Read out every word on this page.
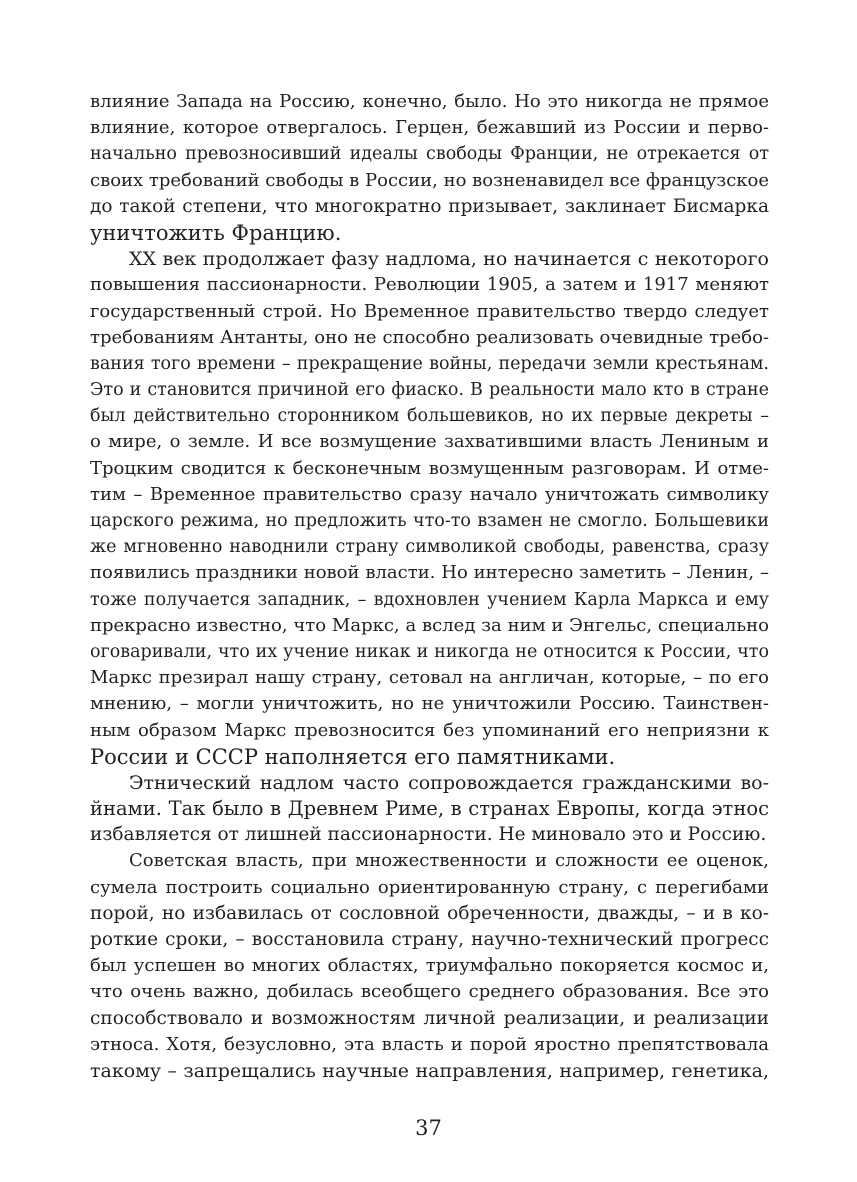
влияние Запада на Россию, конечно, было. Но это никогда не прямое
влияние, которое отвергалось. Герцен, бежавший из России и перво-
начально превозносивший идеалы свободы Франции, не отрекается от
своих требований свободы в России, но возненавидел все французское
до такой степени, что многократно призывает, заклинает Бисмарка
уничтожить Францию.
XX век продолжает фазу надлома, но начинается с некоторого
повышения пассионарности. Революции 1905, а затем и 1917 меняют
государственный строй. Но Временное правительство твердо следует
требованиям Антанты, оно не способно реализовать очевидные требо-
вания того времени – прекращение войны, передачи земли крестьянам.
Это и становится причиной его фиаско. В реальности мало кто в стране
был действительно сторонником большевиков, но их первые декреты –
о мире, о земле. И все возмущение захватившими власть Лениным и
Троцким сводится к бесконечным возмущенным разговорам. И отме-
тим – Временное правительство сразу начало уничтожать символику
царского режима, но предложить что-то взамен не смогло. Большевики
же мгновенно наводнили страну символикой свободы, равенства, сразу
появились праздники новой власти. Но интересно заметить – Ленин, –
тоже получается западник, – вдохновлен учением Карла Маркса и ему
прекрасно известно, что Маркс, а вслед за ним и Энгельс, специально
оговаривали, что их учение никак и никогда не относится к России, что
Маркс презирал нашу страну, сетовал на англичан, которые, – по его
мнению, – могли уничтожить, но не уничтожили Россию. Таинствен-
ным образом Маркс превозносится без упоминаний его неприязни к
России и СССР наполняется его памятниками.
Этнический надлом часто сопровождается гражданскими во-
йнами. Так было в Древнем Риме, в странах Европы, когда этнос
избавляется от лишней пассионарности. Не миновало это и Россию.
Советская власть, при множественности и сложности ее оценок,
сумела построить социально ориентированную страну, с перегибами
порой, но избавилась от сословной обреченности, дважды, – и в ко-
роткие сроки, – восстановила страну, научно-технический прогресс
был успешен во многих областях, триумфально покоряется космос и,
что очень важно, добилась всеобщего среднего образования. Все это
способствовало и возможностям личной реализации, и реализации
этноса. Хотя, безусловно, эта власть и порой яростно препятствовала
такому – запрещались научные направления, например, генетика,
37
